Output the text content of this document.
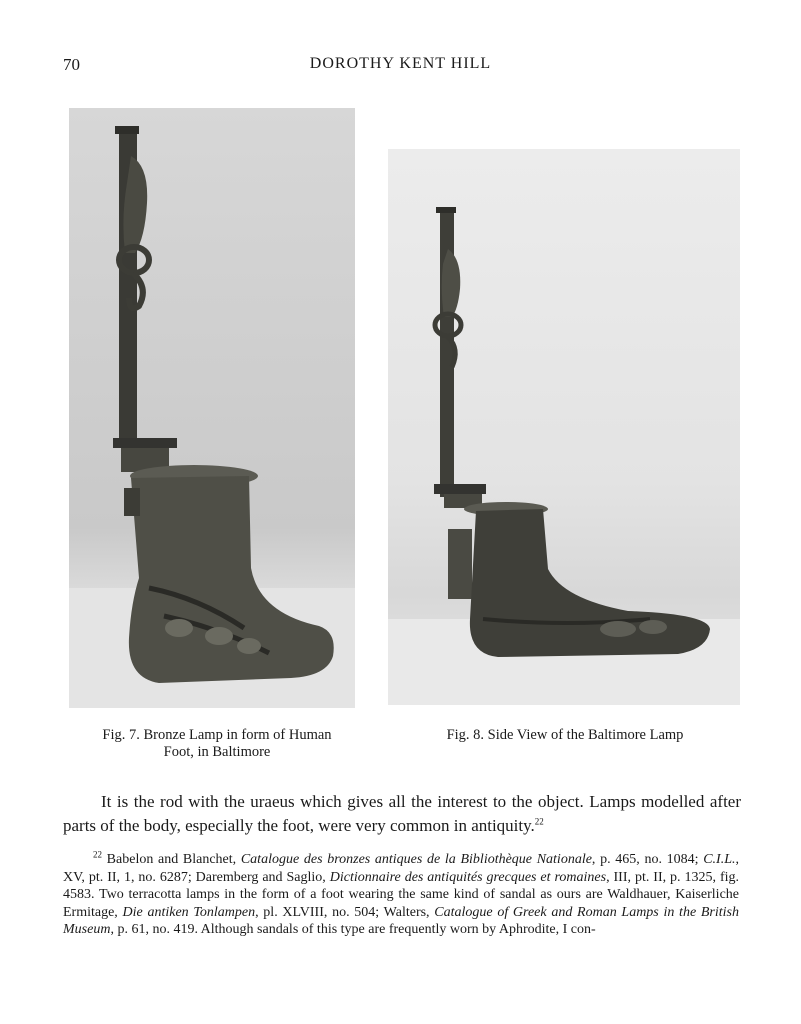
70	DOROTHY KENT HILL
Fig. 7. Bronze Lamp in form of Human
Foot, in Baltimore
Fig. 8. Side View of the Baltimore Lamp
It is the rod with the uraeus which gives all the interest to the object. Lamps modelled after parts of the body, especially the foot, were very common in antiquity.$^{22}$
$^{22}$ Babelon and Blanchet, Catalogue des bronzes antiques de la Bibliothèque Nationale, p. 465, no. 1084; C.I.L., XV, pt. II, 1, no. 6287; Daremberg and Saglio, Dictionnaire des antiquités grecques et romaines, III, pt. II, p. 1325, fig. 4583. Two terracotta lamps in the form of a foot wearing the same kind of sandal as ours are Waldhauer, Kaiserliche Ermitage, Die antiken Tonlampen, pl. XLVIII, no. 504; Walters, Catalogue of Greek and Roman Lamps in the British Museum, p. 61, no. 419. Although sandals of this type are frequently worn by Aphrodite, I con-
